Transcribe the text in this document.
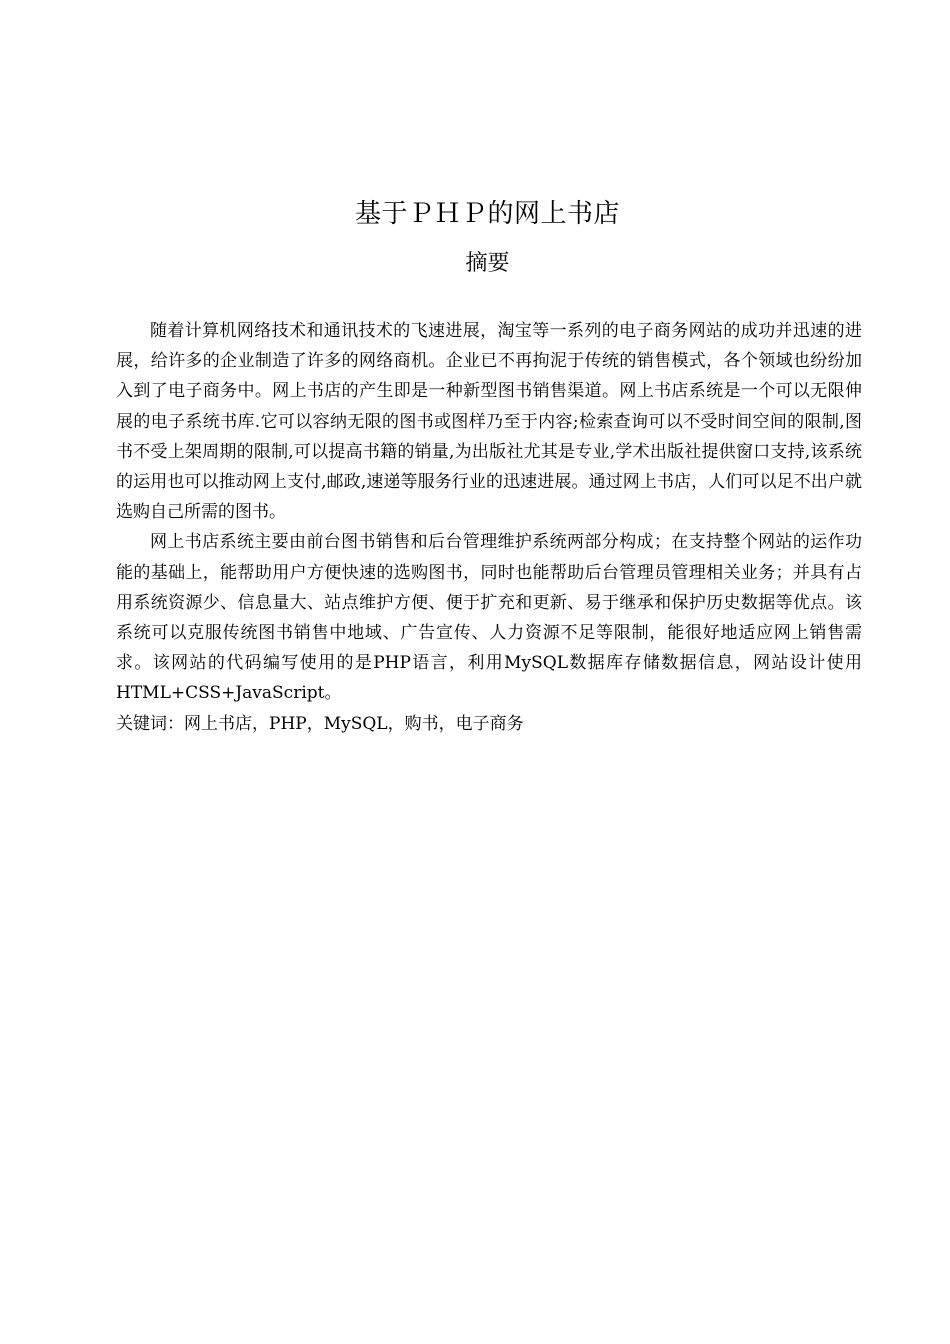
基于ＰＨＰ的网上书店
摘要

随着计算机网络技术和通讯技术的飞速进展，淘宝等一系列的电子商务网站的成功并迅速的进展，给许多的企业制造了许多的网络商机。企业已不再拘泥于传统的销售模式，各个领域也纷纷加入到了电子商务中。网上书店的产生即是一种新型图书销售渠道。网上书店系统是一个可以无限伸展的电子系统书库.它可以容纳无限的图书或图样乃至于内容;检索查询可以不受时间空间的限制,图书不受上架周期的限制,可以提高书籍的销量,为出版社尤其是专业,学术出版社提供窗口支持,该系统的运用也可以推动网上支付,邮政,速递等服务行业的迅速进展。通过网上书店，人们可以足不出户就选购自己所需的图书。

网上书店系统主要由前台图书销售和后台管理维护系统两部分构成；在支持整个网站的运作功能的基础上，能帮助用户方便快速的选购图书，同时也能帮助后台管理员管理相关业务；并具有占用系统资源少、信息量大、站点维护方便、便于扩充和更新、易于继承和保护历史数据等优点。该系统可以克服传统图书销售中地域、广告宣传、人力资源不足等限制，能很好地适应网上销售需求。该网站的代码编写使用的是PHP语言，利用MySQL数据库存储数据信息，网站设计使用HTML+CSS+JavaScript。

关键词：网上书店，PHP，MySQL，购书，电子商务
